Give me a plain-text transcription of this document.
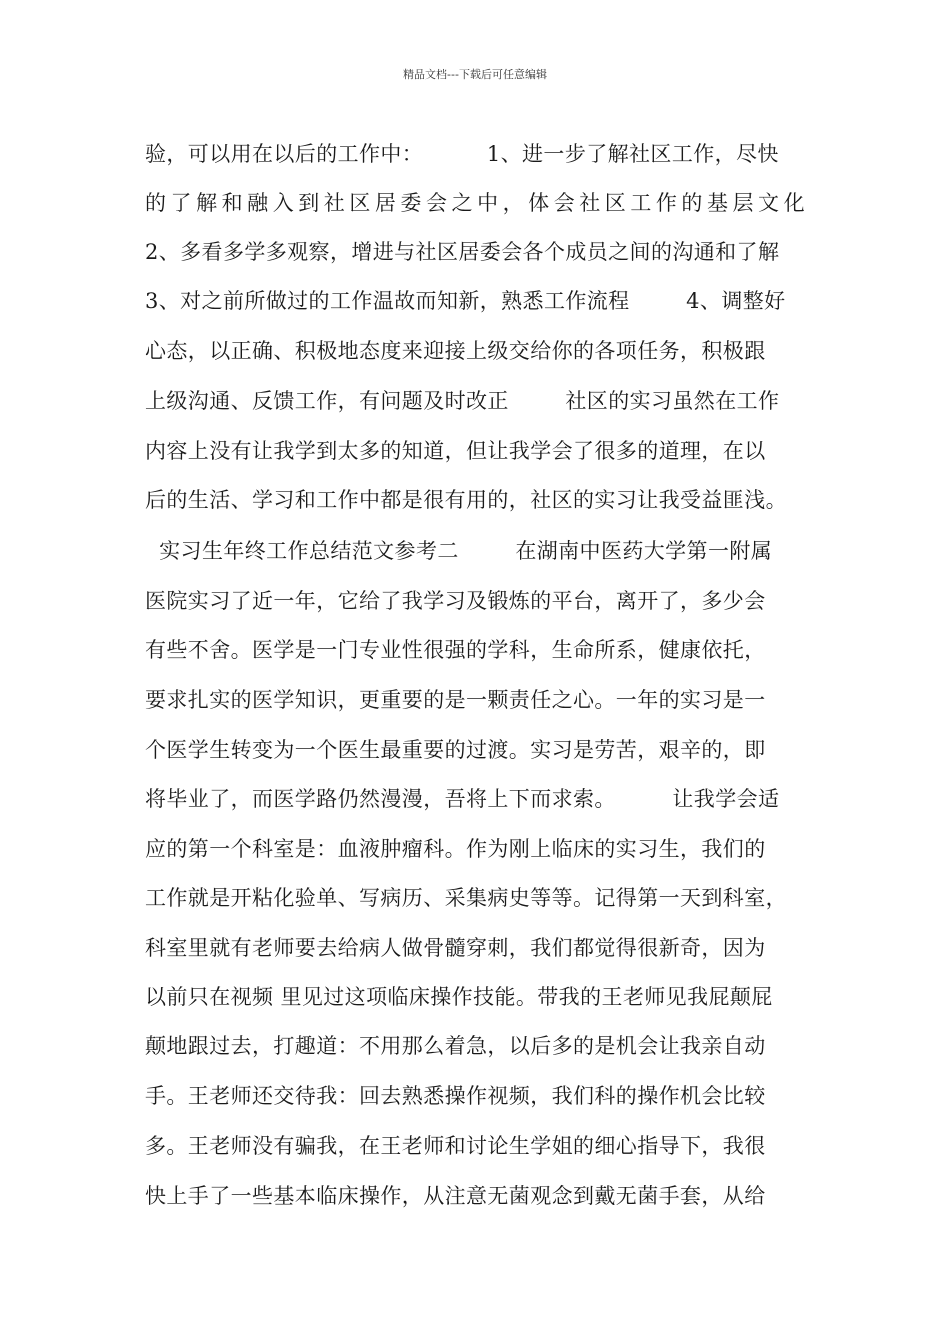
精品文档---下载后可任意编辑
验，可以用在以后的工作中：         1、进一步了解社区工作，尽快
的了解和融入到社区居委会之中，体会社区工作的基层文化
2、多看多学多观察，增进与社区居委会各个成员之间的沟通和了解
3、对之前所做过的工作温故而知新，熟悉工作流程        4、调整好
心态，以正确、积极地态度来迎接上级交给你的各项任务，积极跟
上级沟通、反馈工作，有问题及时改正        社区的实习虽然在工作
内容上没有让我学到太多的知道，但让我学会了很多的道理，在以
后的生活、学习和工作中都是很有用的，社区的实习让我受益匪浅。
实习生年终工作总结范文参考二        在湖南中医药大学第一附属
医院实习了近一年，它给了我学习及锻炼的平台，离开了，多少会
有些不舍。医学是一门专业性很强的学科，生命所系，健康依托，
要求扎实的医学知识，更重要的是一颗责任之心。一年的实习是一
个医学生转变为一个医生最重要的过渡。实习是劳苦，艰辛的，即
将毕业了，而医学路仍然漫漫，吾将上下而求索。        让我学会适
应的第一个科室是：血液肿瘤科。作为刚上临床的实习生，我们的
工作就是开粘化验单、写病历、采集病史等等。记得第一天到科室，
科室里就有老师要去给病人做骨髓穿刺，我们都觉得很新奇，因为
以前只在视频 里见过这项临床操作技能。带我的王老师见我屁颠屁
颠地跟过去，打趣道：不用那么着急，以后多的是机会让我亲自动
手。王老师还交待我：回去熟悉操作视频，我们科的操作机会比较
多。王老师没有骗我，在王老师和讨论生学姐的细心指导下，我很
快上手了一些基本临床操作，从注意无菌观念到戴无菌手套，从给
